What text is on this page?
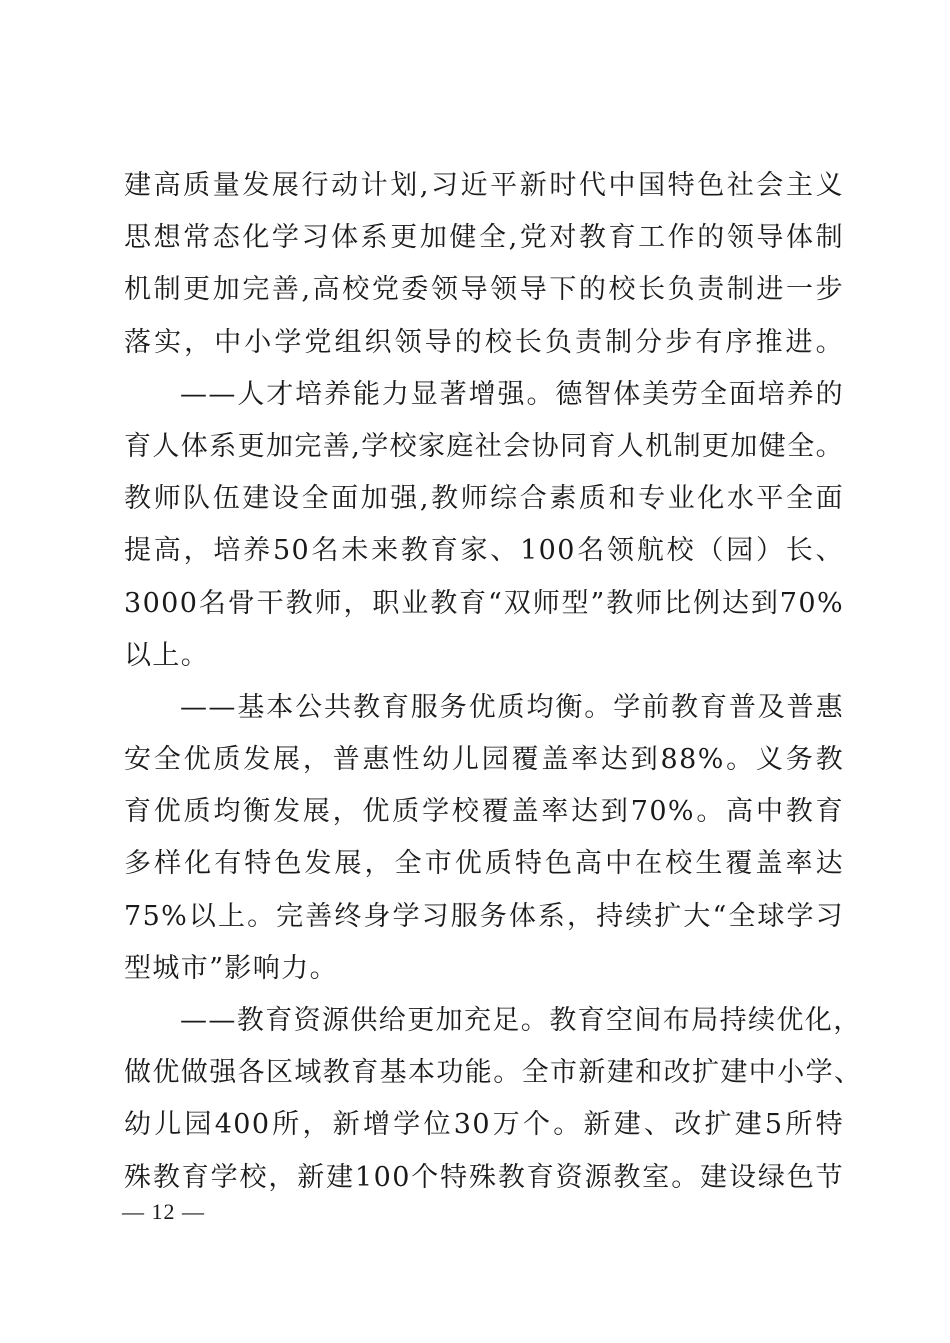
建高质量发展行动计划,习近平新时代中国特色社会主义
思想常态化学习体系更加健全,党对教育工作的领导体制
机制更加完善,高校党委领导领导下的校长负责制进一步
落实，中小学党组织领导的校长负责制分步有序推进。
——人才培养能力显著增强。德智体美劳全面培养的
育人体系更加完善,学校家庭社会协同育人机制更加健全。
教师队伍建设全面加强,教师综合素质和专业化水平全面
提高，培养50名未来教育家、100名领航校（园）长、
3000名骨干教师，职业教育“双师型”教师比例达到70%
以上。
——基本公共教育服务优质均衡。学前教育普及普惠
安全优质发展，普惠性幼儿园覆盖率达到88%。义务教
育优质均衡发展，优质学校覆盖率达到70%。高中教育
多样化有特色发展，全市优质特色高中在校生覆盖率达
75%以上。完善终身学习服务体系，持续扩大“全球学习
型城市”影响力。
——教育资源供给更加充足。教育空间布局持续优化，
做优做强各区域教育基本功能。全市新建和改扩建中小学、
幼儿园400所，新增学位30万个。新建、改扩建5所特
殊教育学校，新建100个特殊教育资源教室。建设绿色节
— 12 —
